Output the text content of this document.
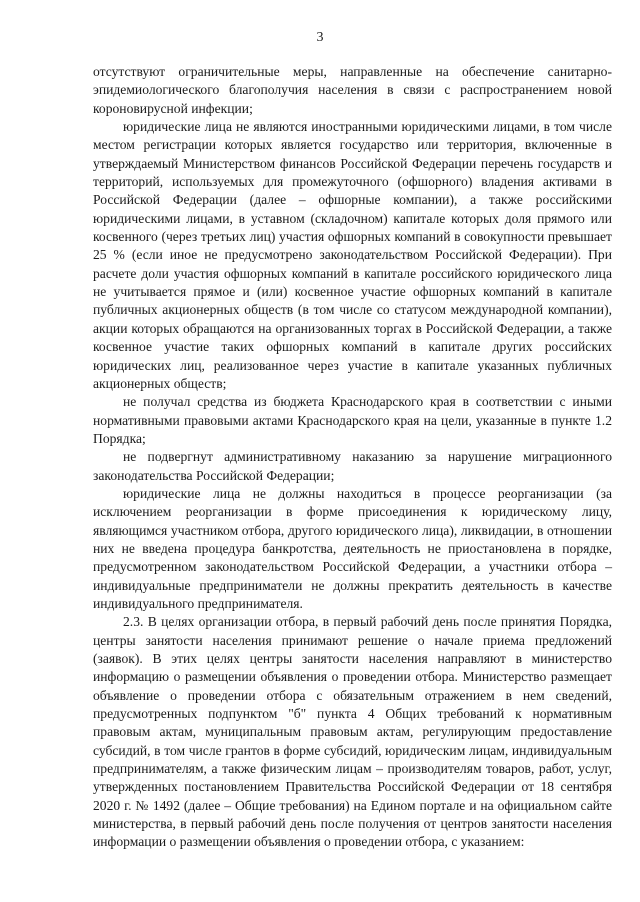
3

отсутствуют ограничительные меры, направленные на обеспечение санитарно-эпидемиологического благополучия населения в связи с распространением новой короновирусной инфекции;

юридические лица не являются иностранными юридическими лицами, в том числе местом регистрации которых является государство или территория, включенные в утверждаемый Министерством финансов Российской Федерации перечень государств и территорий, используемых для промежуточного (офшорного) владения активами в Российской Федерации (далее – офшорные компании), а также российскими юридическими лицами, в уставном (складочном) капитале которых доля прямого или косвенного (через третьих лиц) участия офшорных компаний в совокупности превышает 25 % (если иное не предусмотрено законодательством Российской Федерации). При расчете доли участия офшорных компаний в капитале российского юридического лица не учитывается прямое и (или) косвенное участие офшорных компаний в капитале публичных акционерных обществ (в том числе со статусом международной компании), акции которых обращаются на организованных торгах в Российской Федерации, а также косвенное участие таких офшорных компаний в капитале других российских юридических лиц, реализованное через участие в капитале указанных публичных акционерных обществ;

не получал средства из бюджета Краснодарского края в соответствии с иными нормативными правовыми актами Краснодарского края на цели, указанные в пункте 1.2 Порядка;

не подвергнут административному наказанию за нарушение миграционного законодательства Российской Федерации;

юридические лица не должны находиться в процессе реорганизации (за исключением реорганизации в форме присоединения к юридическому лицу, являющимся участником отбора, другого юридического лица), ликвидации, в отношении них не введена процедура банкротства, деятельность не приостановлена в порядке, предусмотренном законодательством Российской Федерации, а участники отбора – индивидуальные предприниматели не должны прекратить деятельность в качестве индивидуального предпринимателя.

2.3. В целях организации отбора, в первый рабочий день после принятия Порядка, центры занятости населения принимают решение о начале приема предложений (заявок). В этих целях центры занятости населения направляют в министерство информацию о размещении объявления о проведении отбора. Министерство размещает объявление о проведении отбора с обязательным отражением в нем сведений, предусмотренных подпунктом "б" пункта 4 Общих требований к нормативным правовым актам, муниципальным правовым актам, регулирующим предоставление субсидий, в том числе грантов в форме субсидий, юридическим лицам, индивидуальным предпринимателям, а также физическим лицам – производителям товаров, работ, услуг, утвержденных постановлением Правительства Российской Федерации от 18 сентября 2020 г. № 1492 (далее – Общие требования) на Едином портале и на официальном сайте министерства, в первый рабочий день после получения от центров занятости населения информации о размещении объявления о проведении отбора, с указанием:
